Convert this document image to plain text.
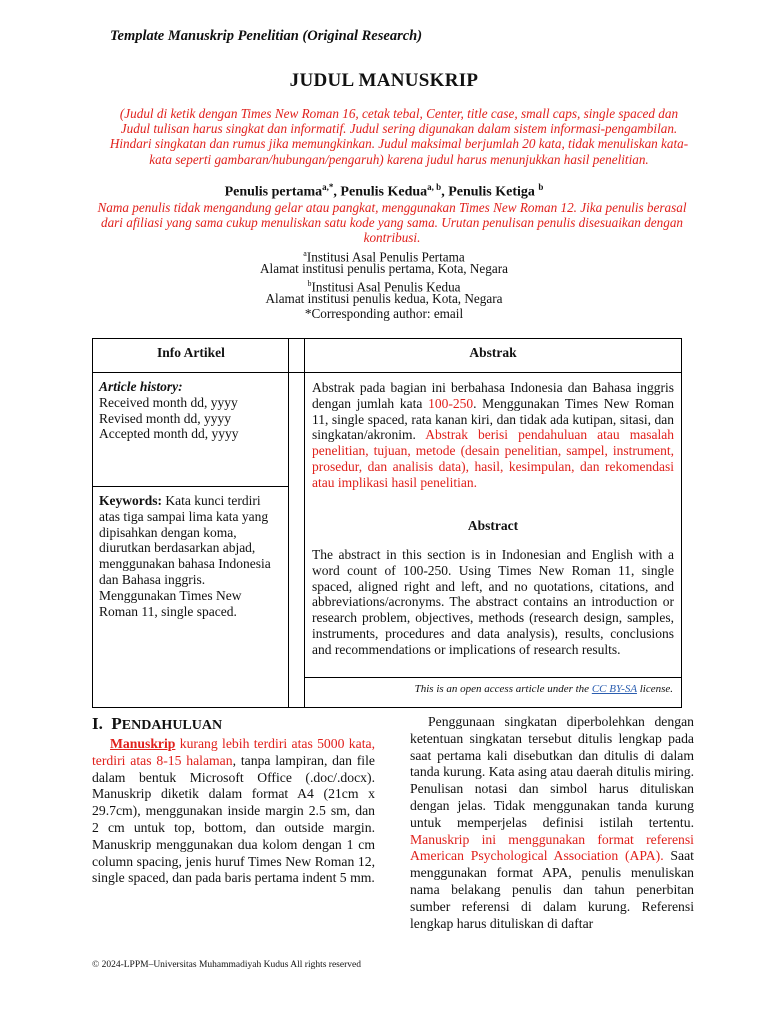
Template Manuskrip Penelitian (Original Research)
JUDUL MANUSKRIP
(Judul di ketik dengan Times New Roman 16, cetak tebal, Center, title case, small caps, single spaced dan Judul tulisan harus singkat dan informatif. Judul sering digunakan dalam sistem informasi-pengambilan. Hindari singkatan dan rumus jika memungkinkan. Judul maksimal berjumlah 20 kata, tidak menuliskan kata-kata seperti gambaran/hubungan/pengaruh) karena judul harus menunjukkan hasil penelitian.
Penulis pertama$^{a,*}$, Penulis Kedua$^{a, b}$, Penulis Ketiga $^b$
Nama penulis tidak mengandung gelar atau pangkat, menggunakan Times New Roman 12. Jika penulis berasal dari afiliasi yang sama cukup menuliskan satu kode yang sama. Urutan penulisan penulis disesuaikan dengan kontribusi.
$^a$Institusi Asal Penulis Pertama
Alamat institusi penulis pertama, Kota, Negara
$^b$Institusi Asal Penulis Kedua
Alamat institusi penulis kedua, Kota, Negara
*Corresponding author: email
Info Artikel	Abstrak
Article history:
Received month dd, yyyy
Revised month dd, yyyy
Accepted month dd, yyyy
Keywords: Kata kunci terdiri atas tiga sampai lima kata yang dipisahkan dengan koma, diurutkan berdasarkan abjad, menggunakan bahasa Indonesia dan Bahasa inggris. Menggunakan Times New Roman 11, single spaced.
Abstrak pada bagian ini berbahasa Indonesia dan Bahasa inggris dengan jumlah kata 100-250. Menggunakan Times New Roman 11, single spaced, rata kanan kiri, dan tidak ada kutipan, sitasi, dan singkatan/akronim. Abstrak berisi pendahuluan atau masalah penelitian, tujuan, metode (desain penelitian, sampel, instrument, prosedur, dan analisis data), hasil, kesimpulan, dan rekomendasi atau implikasi hasil penelitian.
Abstract
The abstract in this section is in Indonesian and English with a word count of 100-250. Using Times New Roman 11, single spaced, aligned right and left, and no quotations, citations, and abbreviations/acronyms. The abstract contains an introduction or research problem, objectives, methods (research design, samples, instruments, procedures and data analysis), results, conclusions and recommendations or implications of research results.
This is an open access article under the CC BY-SA license.
I. PENDAHULUAN
Manuskrip kurang lebih terdiri atas 5000 kata, terdiri atas 8-15 halaman, tanpa lampiran, dan file dalam bentuk Microsoft Office (.doc/.docx). Manuskrip diketik dalam format A4 (21cm x 29.7cm), menggunakan inside margin 2.5 sm, dan 2 cm untuk top, bottom, dan outside margin. Manuskrip menggunakan dua kolom dengan 1 cm column spacing, jenis huruf Times New Roman 12, single spaced, dan pada baris pertama indent 5 mm.
Penggunaan singkatan diperbolehkan dengan ketentuan singkatan tersebut ditulis lengkap pada saat pertama kali disebutkan dan ditulis di dalam tanda kurung. Kata asing atau daerah ditulis miring. Penulisan notasi dan simbol harus dituliskan dengan jelas. Tidak menggunakan tanda kurung untuk memperjelas definisi istilah tertentu. Manuskrip ini menggunakan format referensi American Psychological Association (APA). Saat menggunakan format APA, penulis menuliskan nama belakang penulis dan tahun penerbitan sumber referensi di dalam kurung. Referensi lengkap harus dituliskan di daftar
© 2024-LPPM–Universitas Muhammadiyah Kudus All rights reserved
